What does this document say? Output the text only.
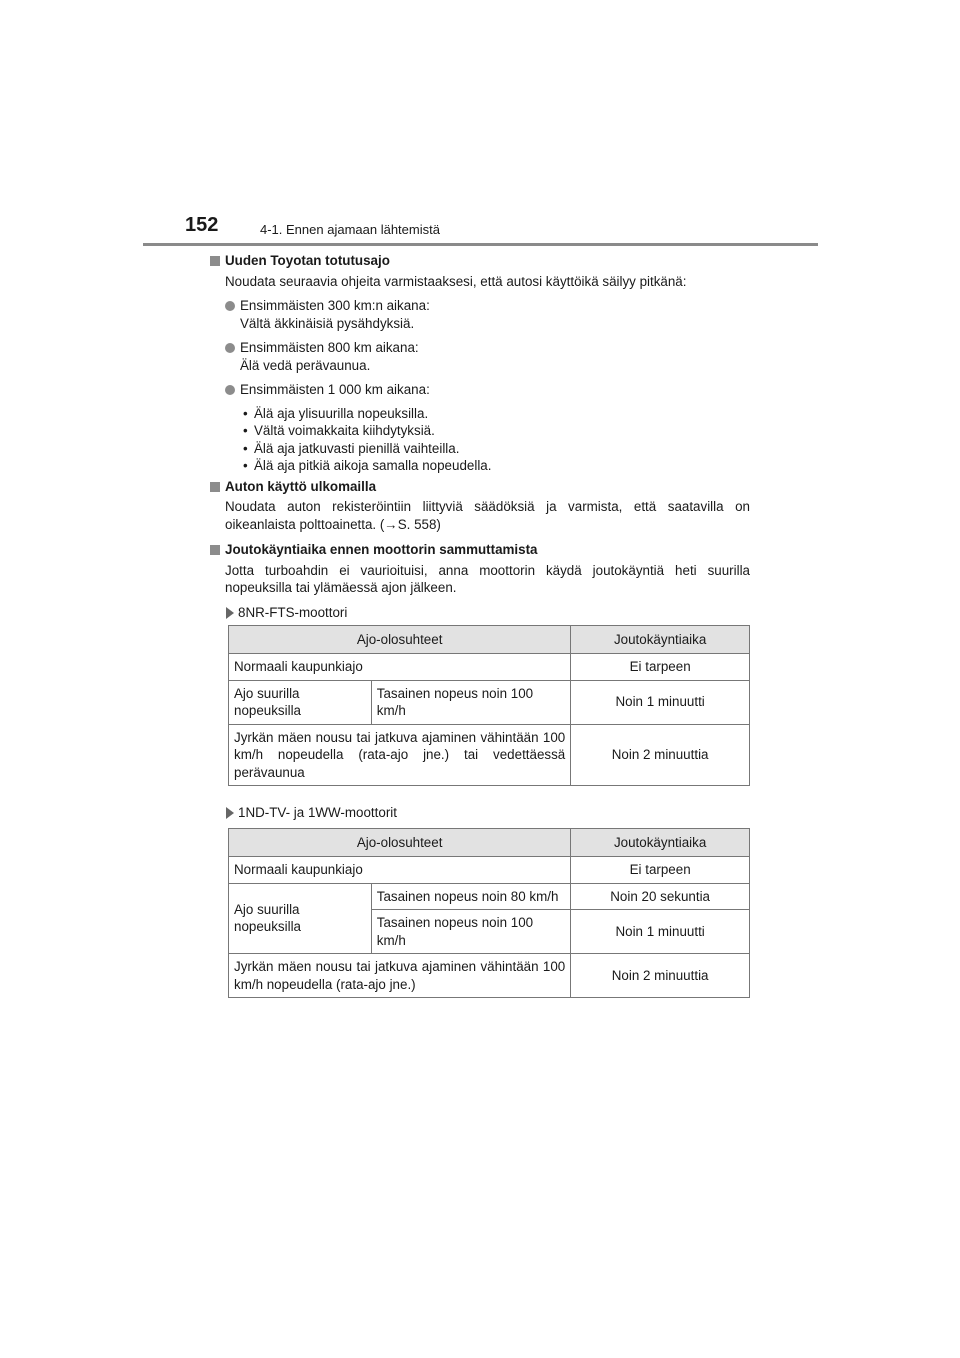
152	4-1. Ennen ajamaan lähtemistä
Uuden Toyotan totutusajo
Noudata seuraavia ohjeita varmistaaksesi, että autosi käyttöikä säilyy pitkänä:
Ensimmäisten 300 km:n aikana:
Vältä äkkinäisiä pysähdyksiä.
Ensimmäisten 800 km aikana:
Älä vedä perävaunua.
Ensimmäisten 1 000 km aikana:
• Älä aja ylisuurilla nopeuksilla.
• Vältä voimakkaita kiihdytyksiä.
• Älä aja jatkuvasti pienillä vaihteilla.
• Älä aja pitkiä aikoja samalla nopeudella.
Auton käyttö ulkomailla
Noudata auton rekisteröintiin liittyviä säädöksiä ja varmista, että saatavilla on oikeanlaista polttoainetta. (→S. 558)
Joutokäyntiaika ennen moottorin sammuttamista
Jotta turboahdin ei vaurioituisi, anna moottorin käydä joutokäyntiä heti suurilla nopeuksilla tai ylämäessä ajon jälkeen.
8NR-FTS-moottori
Ajo-olosuhteet		Joutokäyntiaika
Normaali kaupunkiajo		Ei tarpeen
Ajo suurilla nopeuksilla	Tasainen nopeus noin 100 km/h	Noin 1 minuutti
Jyrkän mäen nousu tai jatkuva ajaminen vähintään 100 km/h nopeudella (rata-ajo jne.) tai vedettäessä perävaunua		Noin 2 minuuttia
1ND-TV- ja 1WW-moottorit
Ajo-olosuhteet		Joutokäyntiaika
Normaali kaupunkiajo		Ei tarpeen
Ajo suurilla nopeuksilla	Tasainen nopeus noin 80 km/h	Noin 20 sekuntia
	Tasainen nopeus noin 100 km/h	Noin 1 minuutti
Jyrkän mäen nousu tai jatkuva ajaminen vähintään 100 km/h nopeudella (rata-ajo jne.)		Noin 2 minuuttia
